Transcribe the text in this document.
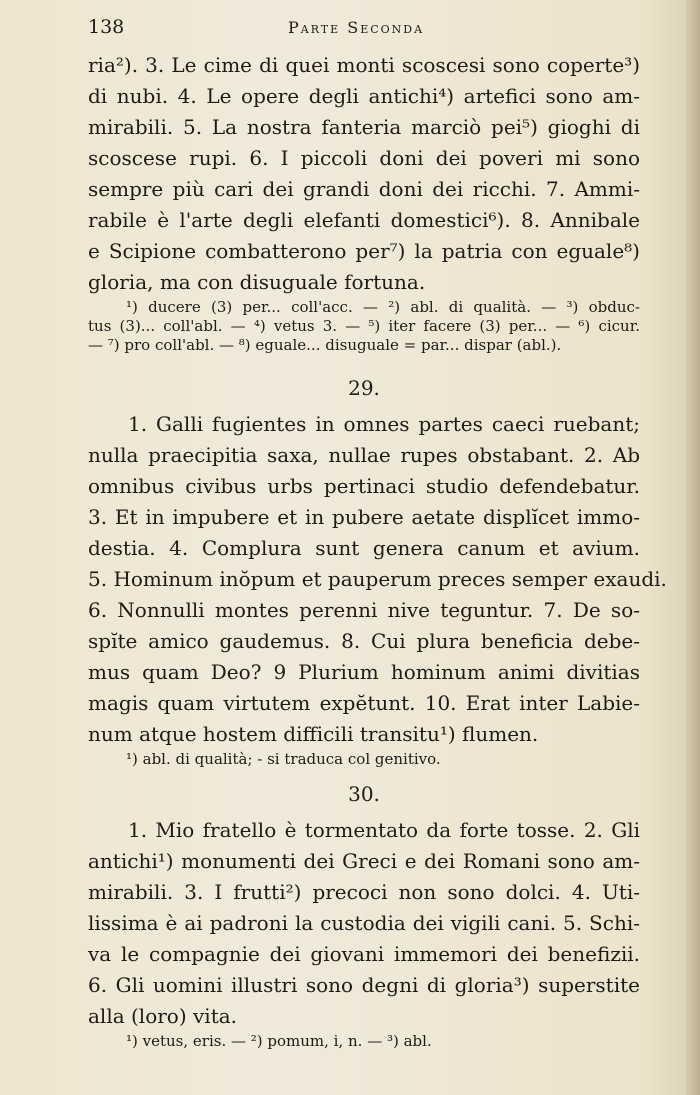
138	Parte Seconda
ria²). 3. Le cime di quei monti scoscesi sono coperte³)
di nubi. 4. Le opere degli antichi⁴) artefici sono am-
mirabili. 5. La nostra fanteria marciò pei⁵) gioghi di
scoscese rupi. 6. I piccoli doni dei poveri mi sono
sempre più cari dei grandi doni dei ricchi. 7. Ammi-
rabile è l'arte degli elefanti domestici⁶). 8. Annibale
e Scipione combatterono per⁷) la patria con eguale⁸)
gloria, ma con disuguale fortuna.
¹) ducere (3) per... coll'acc. — ²) abl. di qualità. — ³) obduc-
tus (3)... coll'abl. — ⁴) vetus 3. — ⁵) iter facere (3) per... — ⁶) cicur.
— ⁷) pro coll'abl. — ⁸) eguale... disuguale = par... dispar (abl.).
29.
1. Galli fugientes in omnes partes caeci ruebant;
nulla praecipitia saxa, nullae rupes obstabant. 2. Ab
omnibus civibus urbs pertinaci studio defendebatur.
3. Et in impubere et in pubere aetate displĭcet immo-
destia. 4. Complura sunt genera canum et avium.
5. Hominum inŏpum et pauperum preces semper exaudi.
6. Nonnulli montes perenni nive teguntur. 7. De so-
spĭte amico gaudemus. 8. Cui plura beneficia debe-
mus quam Deo? 9 Plurium hominum animi divitias
magis quam virtutem expĕtunt. 10. Erat inter Labie-
num atque hostem difficili transitu¹) flumen.
¹) abl. di qualità; - si traduca col genitivo.
30.
1. Mio fratello è tormentato da forte tosse. 2. Gli
antichi¹) monumenti dei Greci e dei Romani sono am-
mirabili. 3. I frutti²) precoci non sono dolci. 4. Uti-
lissima è ai padroni la custodia dei vigili cani. 5. Schi-
va le compagnie dei giovani immemori dei benefizii.
6. Gli uomini illustri sono degni di gloria³) superstite
alla (loro) vita.
¹) vetus, eris. — ²) pomum, i, n. — ³) abl.
